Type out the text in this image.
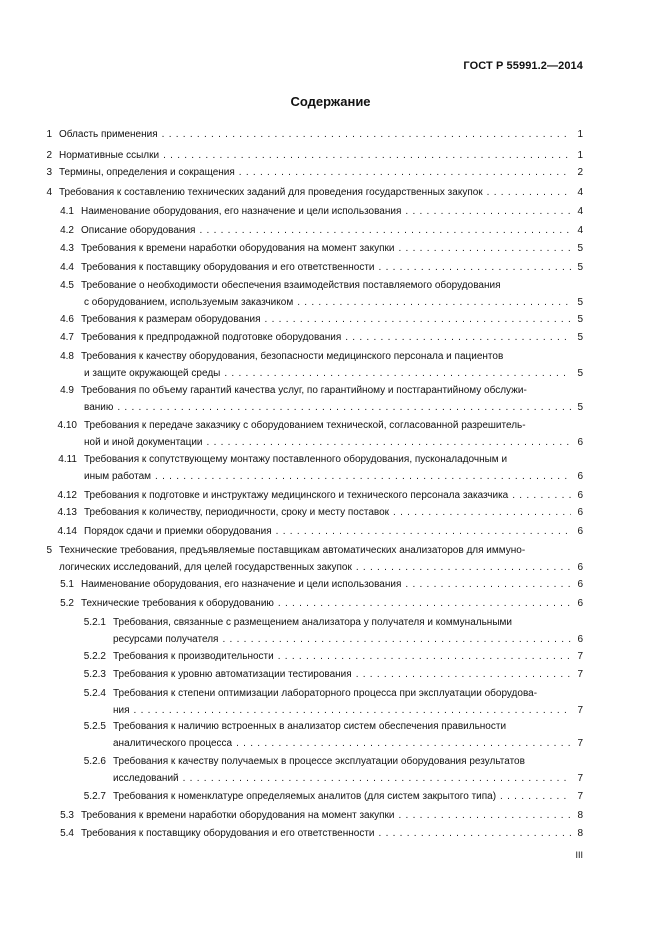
ГОСТ Р 55991.2—2014
Содержание
1 Область применения . . .	1
2 Нормативные ссылки . . .	1
3 Термины, определения и сокращения . . .	2
4 Требования к составлению технических заданий для проведения государственных закупок . . .	4
4.1 Наименование оборудования, его назначение и цели использования . . .	4
4.2 Описание оборудования . . .	4
4.3 Требования к времени наработки оборудования на момент закупки . . .	5
4.4 Требования к поставщику оборудования и его ответственности . . .	5
4.5 Требование о необходимости обеспечения взаимодействия поставляемого оборудования
с оборудованием, используемым заказчиком . . .	5
4.6 Требования к размерам оборудования . . .	5
4.7 Требования к предпродажной подготовке оборудования . . .	5
4.8 Требования к качеству оборудования, безопасности медицинского персонала и пациентов
и защите окружающей среды . . .	5
4.9 Требования по объему гарантий качества услуг, по гарантийному и постгарантийному обслужи-
ванию . . .	5
4.10 Требования к передаче заказчику с оборудованием технической, согласованной разрешитель-
ной и иной документации . . .	6
4.11 Требования к сопутствующему монтажу поставленного оборудования, пусконаладочным и
иным работам . . .	6
4.12 Требования к подготовке и инструктажу медицинского и технического персонала заказчика . . .	6
4.13 Требования к количеству, периодичности, сроку и месту поставок . . .	6
4.14 Порядок сдачи и приемки оборудования . . .	6
5 Технические требования, предъявляемые поставщикам автоматических анализаторов для иммуно-
логических исследований, для целей государственных закупок . . .	6
5.1 Наименование оборудования, его назначение и цели использования . . .	6
5.2 Технические требования к оборудованию . . .	6
5.2.1 Требования, связанные с размещением анализатора у получателя и коммунальными
ресурсами получателя . . .	6
5.2.2 Требования к производительности . . .	7
5.2.3 Требования к уровню автоматизации тестирования . . .	7
5.2.4 Требования к степени оптимизации лабораторного процесса при эксплуатации оборудова-
ния . . .	7
5.2.5 Требования к наличию встроенных в анализатор систем обеспечения правильности
аналитического процесса . . .	7
5.2.6 Требования к качеству получаемых в процессе эксплуатации оборудования результатов
исследований . . .	7
5.2.7 Требования к номенклатуре определяемых аналитов (для систем закрытого типа) . . .	7
5.3 Требования к времени наработки оборудования на момент закупки . . .	8
5.4 Требования к поставщику оборудования и его ответственности . . .	8
III
